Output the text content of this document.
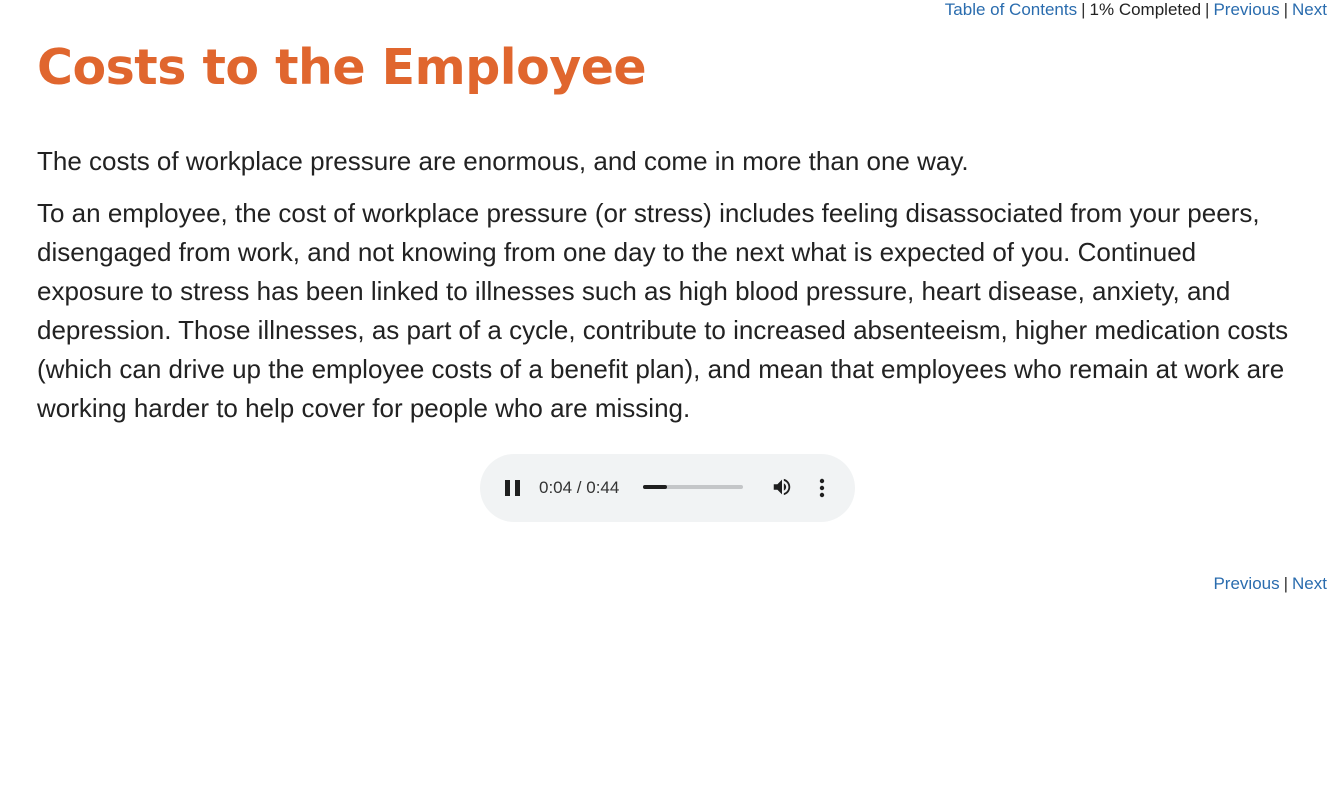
Table of Contents | 1% Completed | Previous | Next
Costs to the Employee

The costs of workplace pressure are enormous, and come in more than one way.

To an employee, the cost of workplace pressure (or stress) includes feeling disassociated from your peers, disengaged from work, and not knowing from one day to the next what is expected of you. Continued exposure to stress has been linked to illnesses such as high blood pressure, heart disease, anxiety, and depression. Those illnesses, as part of a cycle, contribute to increased absenteeism, higher medication costs (which can drive up the employee costs of a benefit plan), and mean that employees who remain at work are working harder to help cover for people who are missing.

0:04 / 0:44
Previous | Next
